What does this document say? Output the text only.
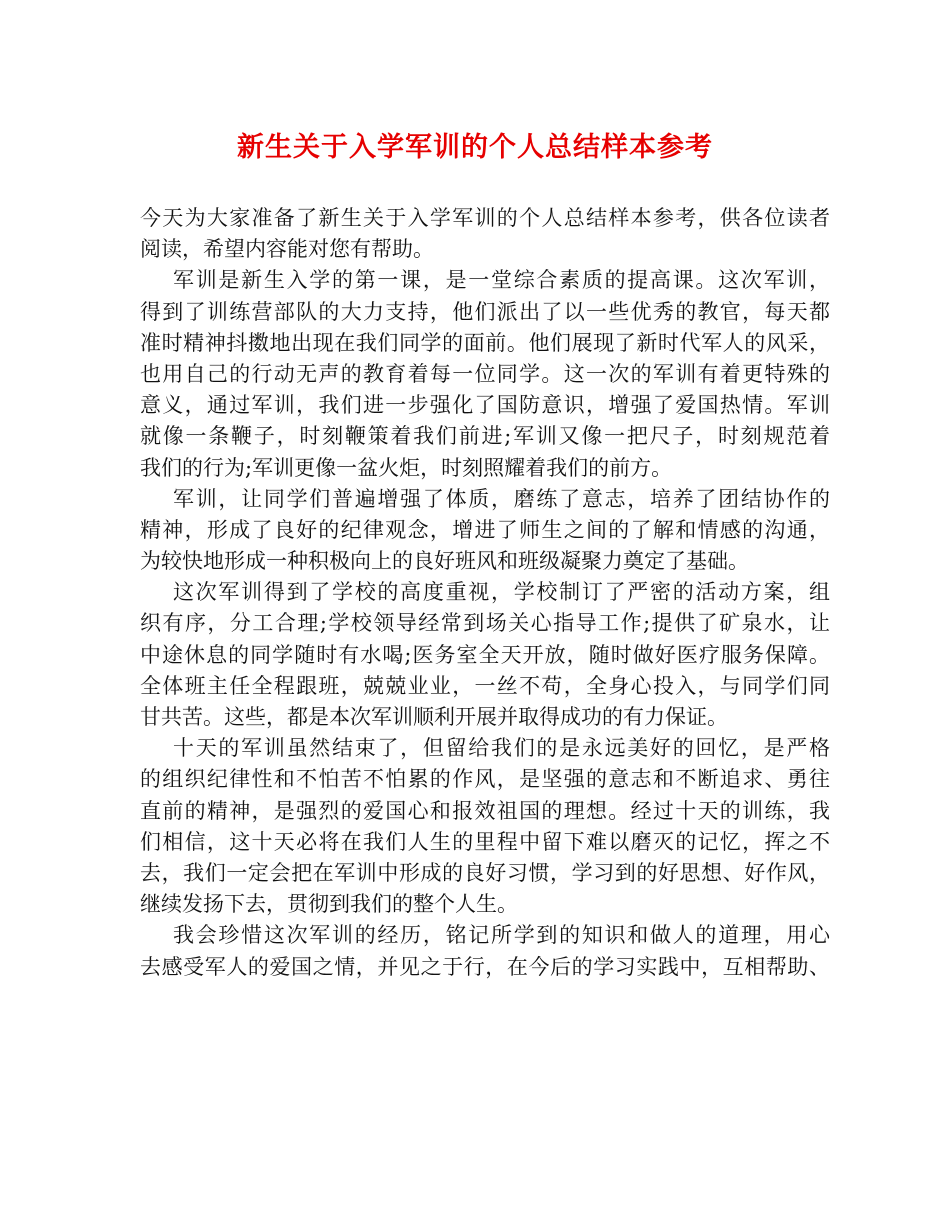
新生关于入学军训的个人总结样本参考
今天为大家准备了新生关于入学军训的个人总结样本参考，供各位读者
阅读，希望内容能对您有帮助。
军训是新生入学的第一课，是一堂综合素质的提高课。这次军训，
得到了训练营部队的大力支持，他们派出了以一些优秀的教官，每天都
准时精神抖擞地出现在我们同学的面前。他们展现了新时代军人的风采，
也用自己的行动无声的教育着每一位同学。这一次的军训有着更特殊的
意义，通过军训，我们进一步强化了国防意识，增强了爱国热情。军训
就像一条鞭子，时刻鞭策着我们前进;军训又像一把尺子，时刻规范着
我们的行为;军训更像一盆火炬，时刻照耀着我们的前方。
军训，让同学们普遍增强了体质，磨练了意志，培养了团结协作的
精神，形成了良好的纪律观念，增进了师生之间的了解和情感的沟通，
为较快地形成一种积极向上的良好班风和班级凝聚力奠定了基础。
这次军训得到了学校的高度重视，学校制订了严密的活动方案，组
织有序，分工合理;学校领导经常到场关心指导工作;提供了矿泉水，让
中途休息的同学随时有水喝;医务室全天开放，随时做好医疗服务保障。
全体班主任全程跟班，兢兢业业，一丝不苟，全身心投入，与同学们同
甘共苦。这些，都是本次军训顺利开展并取得成功的有力保证。
十天的军训虽然结束了，但留给我们的是永远美好的回忆，是严格
的组织纪律性和不怕苦不怕累的作风，是坚强的意志和不断追求、勇往
直前的精神，是强烈的爱国心和报效祖国的理想。经过十天的训练，我
们相信，这十天必将在我们人生的里程中留下难以磨灭的记忆，挥之不
去，我们一定会把在军训中形成的良好习惯，学习到的好思想、好作风，
继续发扬下去，贯彻到我们的整个人生。
我会珍惜这次军训的经历，铭记所学到的知识和做人的道理，用心
去感受军人的爱国之情，并见之于行，在今后的学习实践中，互相帮助、
